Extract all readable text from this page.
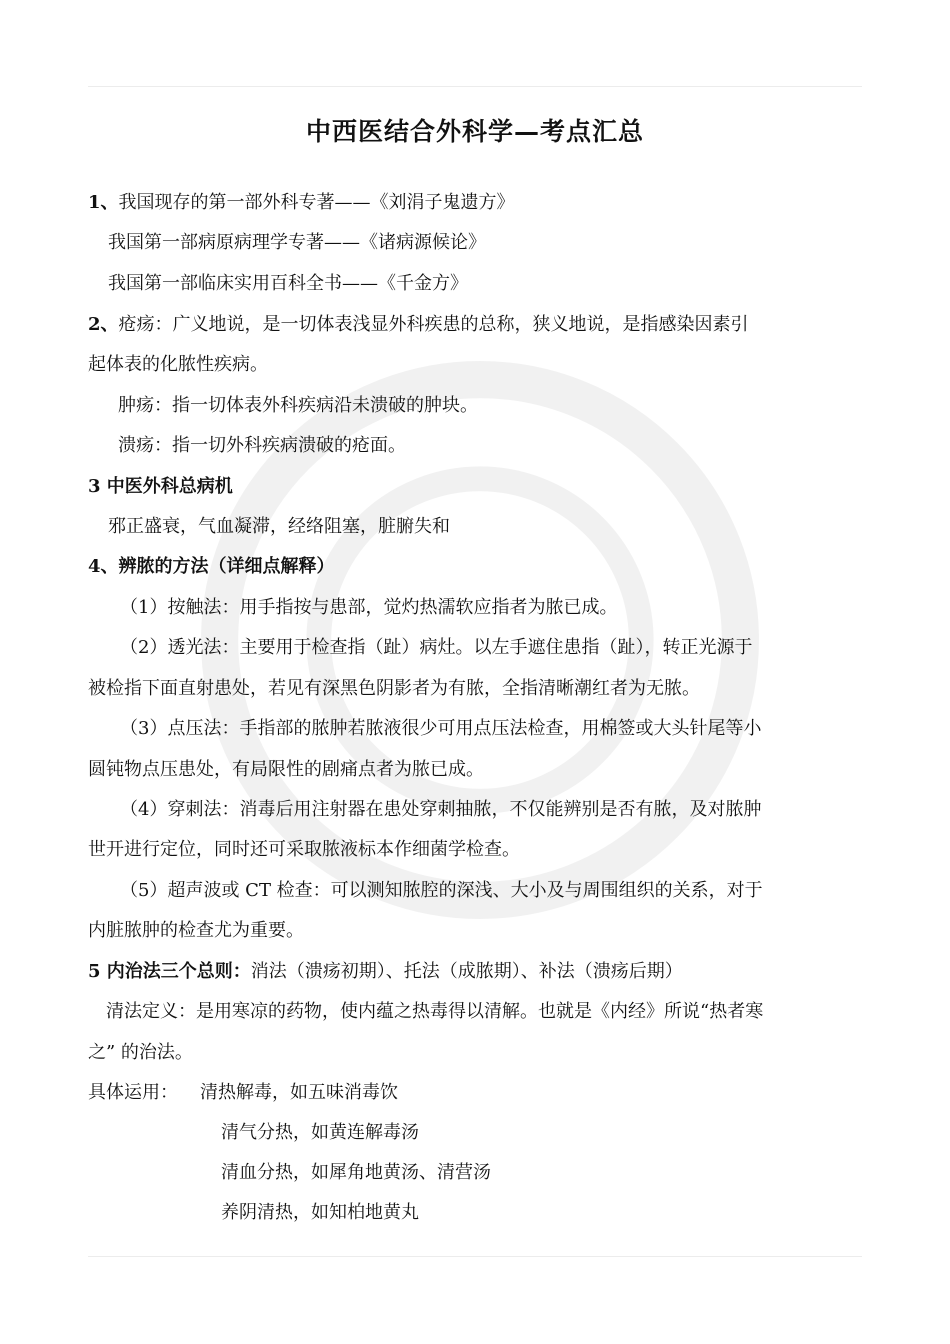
中西医结合外科学—考点汇总
1、我国现存的第一部外科专著——《刘涓子鬼遗方》
我国第一部病原病理学专著——《诸病源候论》
我国第一部临床实用百科全书——《千金方》
2、疮疡：广义地说，是一切体表浅显外科疾患的总称，狭义地说，是指感染因素引
起体表的化脓性疾病。
肿疡：指一切体表外科疾病沿未溃破的肿块。
溃疡：指一切外科疾病溃破的疮面。
3 中医外科总病机
邪正盛衰，气血凝滞，经络阻塞，脏腑失和
4、辨脓的方法（详细点解释）
（1）按触法：用手指按与患部，觉灼热濡软应指者为脓已成。
（2）透光法：主要用于检查指（趾）病灶。以左手遮住患指（趾），转正光源于
被检指下面直射患处，若见有深黑色阴影者为有脓，全指清晰潮红者为无脓。
（3）点压法：手指部的脓肿若脓液很少可用点压法检查，用棉签或大头针尾等小
圆钝物点压患处，有局限性的剧痛点者为脓已成。
（4）穿刺法：消毒后用注射器在患处穿刺抽脓，不仅能辨别是否有脓，及对脓肿
世开进行定位，同时还可采取脓液标本作细菌学检查。
（5）超声波或 CT 检查：可以测知脓腔的深浅、大小及与周围组织的关系，对于
内脏脓肿的检查尤为重要。
5 内治法三个总则：消法（溃疡初期）、托法（成脓期）、补法（溃疡后期）
清法定义：是用寒凉的药物，使内蕴之热毒得以清解。也就是《内经》所说“热者寒
之” 的治法。
具体运用： 清热解毒，如五味消毒饮
清气分热，如黄连解毒汤
清血分热，如犀角地黄汤、清营汤
养阴清热，如知柏地黄丸
